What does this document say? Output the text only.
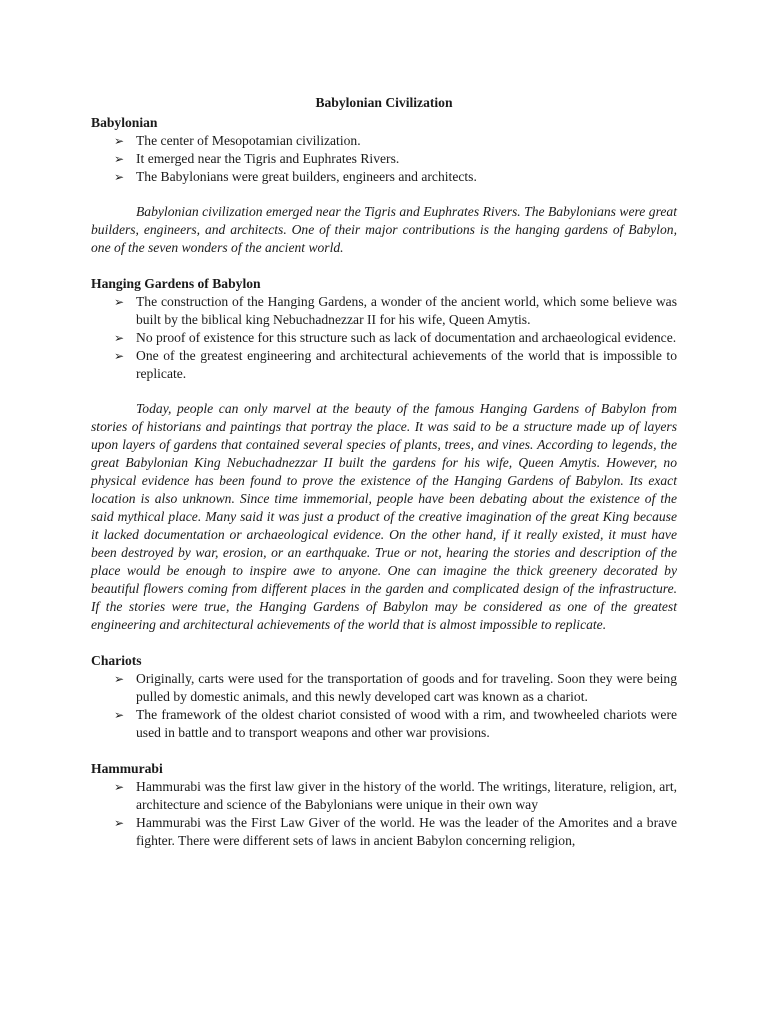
Babylonian Civilization
Babylonian
➢ The center of Mesopotamian civilization.
➢ It emerged near the Tigris and Euphrates Rivers.
➢ The Babylonians were great builders, engineers and architects.

Babylonian civilization emerged near the Tigris and Euphrates Rivers. The Babylonians were great builders, engineers, and architects. One of their major contributions is the hanging gardens of Babylon, one of the seven wonders of the ancient world.

Hanging Gardens of Babylon
➢ The construction of the Hanging Gardens, a wonder of the ancient world, which some believe was built by the biblical king Nebuchadnezzar II for his wife, Queen Amytis.
➢ No proof of existence for this structure such as lack of documentation and archaeological evidence.
➢ One of the greatest engineering and architectural achievements of the world that is impossible to replicate.

Today, people can only marvel at the beauty of the famous Hanging Gardens of Babylon from stories of historians and paintings that portray the place. It was said to be a structure made up of layers upon layers of gardens that contained several species of plants, trees, and vines. According to legends, the great Babylonian King Nebuchadnezzar II built the gardens for his wife, Queen Amytis. However, no physical evidence has been found to prove the existence of the Hanging Gardens of Babylon. Its exact location is also unknown. Since time immemorial, people have been debating about the existence of the said mythical place. Many said it was just a product of the creative imagination of the great King because it lacked documentation or archaeological evidence. On the other hand, if it really existed, it must have been destroyed by war, erosion, or an earthquake. True or not, hearing the stories and description of the place would be enough to inspire awe to anyone. One can imagine the thick greenery decorated by beautiful flowers coming from different places in the garden and complicated design of the infrastructure. If the stories were true, the Hanging Gardens of Babylon may be considered as one of the greatest engineering and architectural achievements of the world that is almost impossible to replicate.

Chariots
➢ Originally, carts were used for the transportation of goods and for traveling. Soon they were being pulled by domestic animals, and this newly developed cart was known as a chariot.
➢ The framework of the oldest chariot consisted of wood with a rim, and twowheeled chariots were used in battle and to transport weapons and other war provisions.
Hammurabi
➢ Hammurabi was the first law giver in the history of the world. The writings, literature, religion, art, architecture and science of the Babylonians were unique in their own way
➢ Hammurabi was the First Law Giver of the world. He was the leader of the Amorites and a brave fighter. There were different sets of laws in ancient Babylon concerning religion,
